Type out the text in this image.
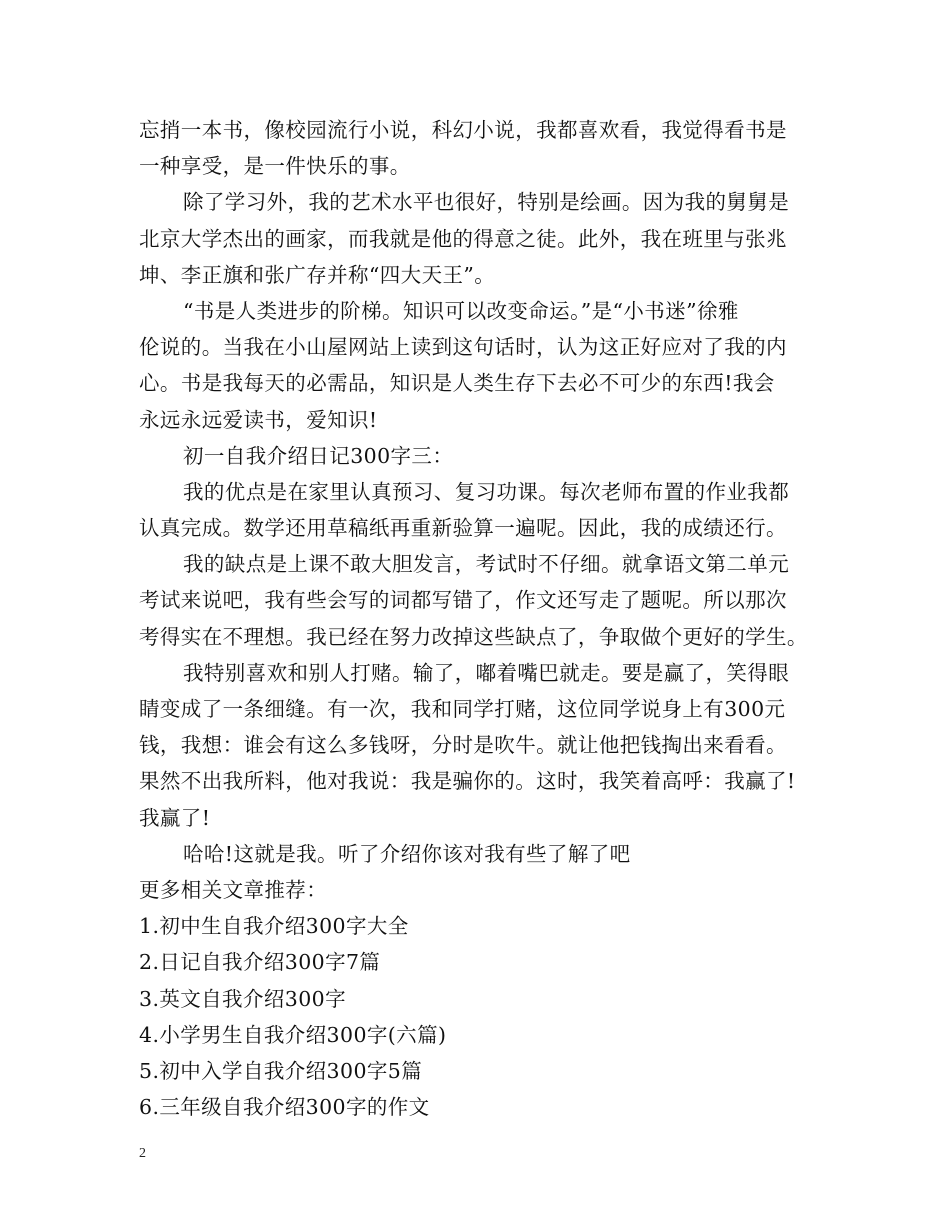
忘捎一本书，像校园流行小说，科幻小说，我都喜欢看，我觉得看书是
一种享受，是一件快乐的事。
除了学习外，我的艺术水平也很好，特别是绘画。因为我的舅舅是
北京大学杰出的画家，而我就是他的得意之徒。此外，我在班里与张兆
坤、李正旗和张广存并称“四大天王”。
“书是人类进步的阶梯。知识可以改变命运。”是“小书迷”徐雅
伦说的。当我在小山屋网站上读到这句话时，认为这正好应对了我的内
心。书是我每天的必需品，知识是人类生存下去必不可少的东西!我会
永远永远爱读书，爱知识!
初一自我介绍日记300字三：
我的优点是在家里认真预习、复习功课。每次老师布置的作业我都
认真完成。数学还用草稿纸再重新验算一遍呢。因此，我的成绩还行。
我的缺点是上课不敢大胆发言，考试时不仔细。就拿语文第二单元
考试来说吧，我有些会写的词都写错了，作文还写走了题呢。所以那次
考得实在不理想。我已经在努力改掉这些缺点了，争取做个更好的学生。
我特别喜欢和别人打赌。输了，嘟着嘴巴就走。要是赢了，笑得眼
睛变成了一条细缝。有一次，我和同学打赌，这位同学说身上有300元
钱，我想：谁会有这么多钱呀，分时是吹牛。就让他把钱掏出来看看。
果然不出我所料，他对我说：我是骗你的。这时，我笑着高呼：我赢了!
我赢了!
哈哈!这就是我。听了介绍你该对我有些了解了吧
更多相关文章推荐：
1.初中生自我介绍300字大全
2.日记自我介绍300字7篇
3.英文自我介绍300字
4.小学男生自我介绍300字(六篇)
5.初中入学自我介绍300字5篇
6.三年级自我介绍300字的作文
2
